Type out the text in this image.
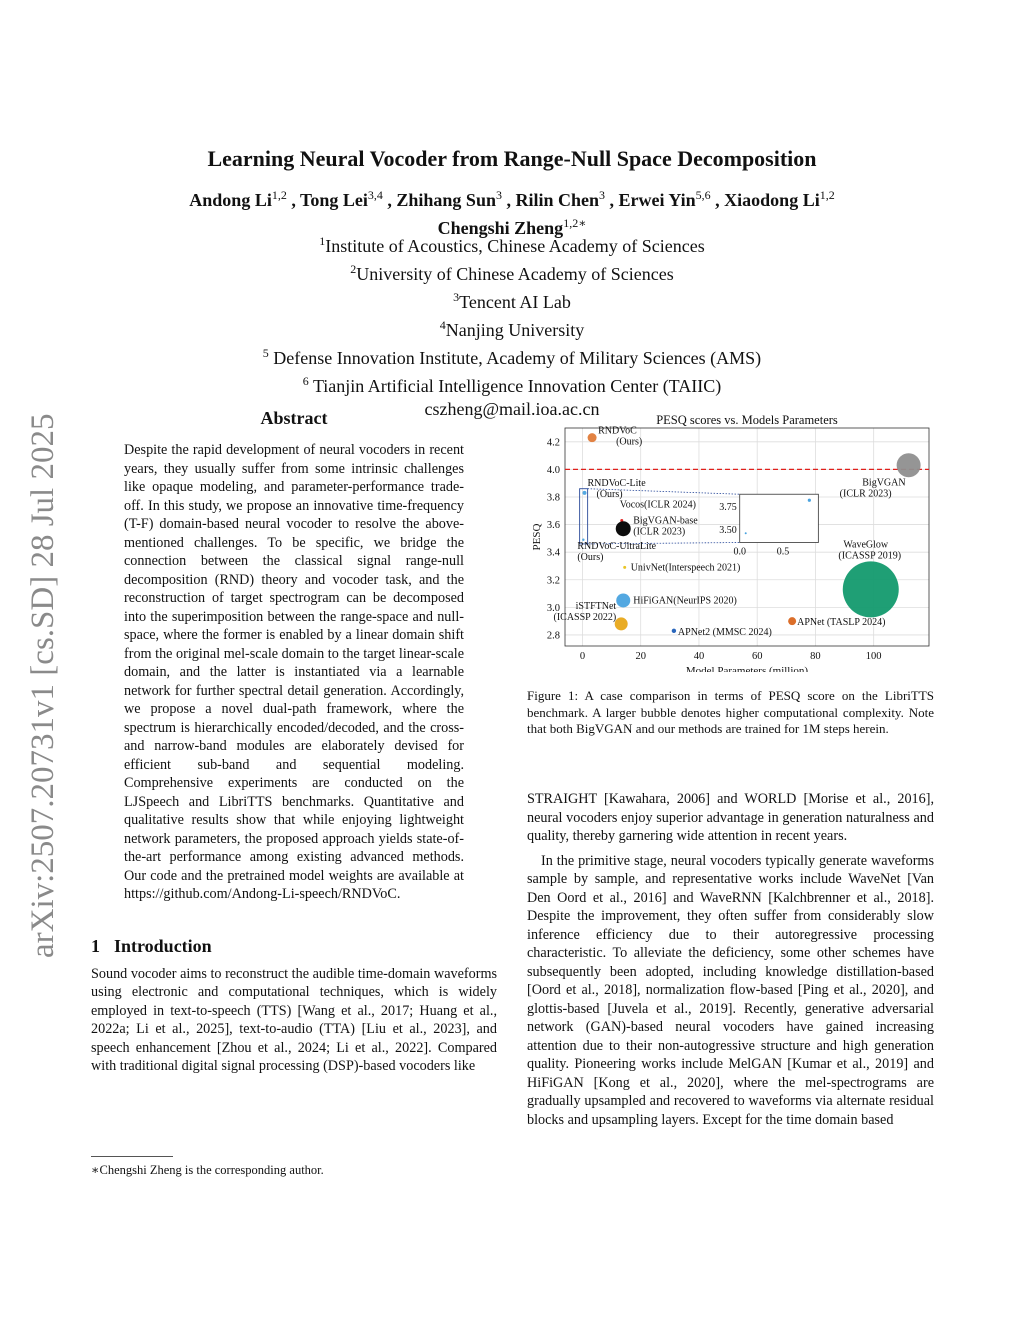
arXiv:2507.20731v1 [cs.SD] 28 Jul 2025
Learning Neural Vocoder from Range-Null Space Decomposition
Andong Li$^{1,2}$ , Tong Lei$^{3,4}$ , Zhihang Sun$^3$ , Rilin Chen$^3$ , Erwei Yin$^{5,6}$ , Xiaodong Li$^{1,2}$
Chengshi Zheng$^{1,2∗}$
$^1$Institute of Acoustics, Chinese Academy of Sciences
$^2$University of Chinese Academy of Sciences
$^3$Tencent AI Lab
$^4$Nanjing University
$^5$ Defense Innovation Institute, Academy of Military Sciences (AMS)
$^6$ Tianjin Artificial Intelligence Innovation Center (TAIIC)
cszheng@mail.ioa.ac.cn
Abstract

Despite the rapid development of neural vocoders in recent years, they usually suffer from some intrinsic challenges like opaque modeling, and parameter-performance trade-off. In this study, we propose an innovative time-frequency (T-F) domain-based neural vocoder to resolve the above-mentioned challenges. To be specific, we bridge the connection between the classical signal range-null decomposition (RND) theory and vocoder task, and the reconstruction of target spectrogram can be decomposed into the superimposition between the range-space and null-space, where the former is enabled by a linear domain shift from the original mel-scale domain to the target linear-scale domain, and the latter is instantiated via a learnable network for further spectral detail generation. Accordingly, we propose a novel dual-path framework, where the spectrum is hierarchically encoded/decoded, and the cross- and narrow-band modules are elaborately devised for efficient sub-band and sequential modeling. Comprehensive experiments are conducted on the LJSpeech and LibriTTS benchmarks. Quantitative and qualitative results show that while enjoying lightweight network parameters, the proposed approach yields state-of-the-art performance among existing advanced methods. Our code and the pretrained model weights are available at https://github.com/Andong-Li-speech/RNDVoC.

1 Introduction

Sound vocoder aims to reconstruct the audible time-domain waveforms using electronic and computational techniques, which is widely employed in text-to-speech (TTS) [Wang et al., 2017; Huang et al., 2022a; Li et al., 2025], text-to-audio (TTA) [Liu et al., 2023], and speech enhancement [Zhou et al., 2024; Li et al., 2022]. Compared with traditional digital signal processing (DSP)-based vocoders like

∗Chengshi Zheng is the corresponding author.
PESQ scores vs. Models Parameters
0	20	40	60	80	100
2.8
3.0
3.2
3.4
3.6
3.8
4.0
4.2
Model Parameters (million)
PESQ
3.75
3.50
0.0	0.5
RNDVoC
(Ours)
BigVGAN
(ICLR 2023)
RNDVoC-Lite
(Ours)
Vocos(ICLR 2024)
BigVGAN-base
(ICLR 2023)
RNDVoC-UltraLite
(Ours)
WaveGlow
(ICASSP 2019)
UnivNet(Interspeech 2021)
HiFiGAN(NeurIPS 2020)
iSTFTNet
(ICASSP 2022)	APNet (TASLP 2024)
APNet2 (MMSC 2024)
Figure 1: A case comparison in terms of PESQ score on the LibriTTS benchmark. A larger bubble denotes higher computational complexity. Note that both BigVGAN and our methods are trained for 1M steps herein.

STRAIGHT [Kawahara, 2006] and WORLD [Morise et al., 2016], neural vocoders enjoy superior advantage in generation naturalness and quality, thereby garnering wide attention in recent years.

In the primitive stage, neural vocoders typically generate waveforms sample by sample, and representative works include WaveNet [Van Den Oord et al., 2016] and WaveRNN [Kalchbrenner et al., 2018]. Despite the improvement, they often suffer from considerably slow inference efficiency due to their autoregressive processing characteristic. To alleviate the deficiency, some other schemes have subsequently been adopted, including knowledge distillation-based [Oord et al., 2018], normalization flow-based [Ping et al., 2020], and glottis-based [Juvela et al., 2019]. Recently, generative adversarial network (GAN)-based neural vocoders have gained increasing attention due to their non-autogressive structure and high generation quality. Pioneering works include MelGAN [Kumar et al., 2019] and HiFiGAN [Kong et al., 2020], where the mel-spectrograms are gradually upsampled and recovered to waveforms via alternate residual blocks and upsampling layers. Except for the time domain based
